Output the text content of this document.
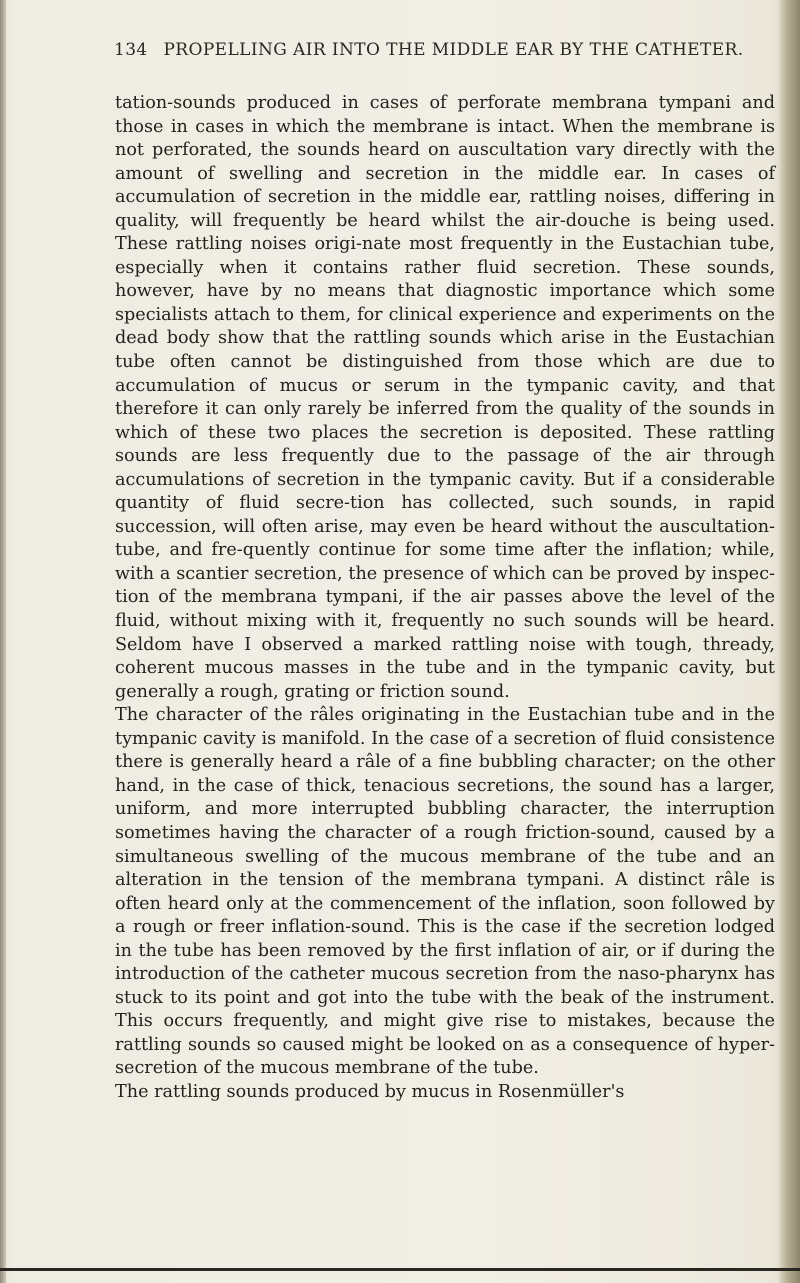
134 PROPELLING AIR INTO THE MIDDLE EAR BY THE CATHETER.

tation-sounds produced in cases of perforate membrana tympani and those in cases in which the membrane is intact. When the membrane is not perforated, the sounds heard on auscultation vary directly with the amount of swelling and secretion in the middle ear. In cases of accumulation of secretion in the middle ear, rattling noises, differing in quality, will frequently be heard whilst the air-douche is being used. These rattling noises origi-nate most frequently in the Eustachian tube, especially when it contains rather fluid secretion. These sounds, however, have by no means that diagnostic importance which some specialists attach to them, for clinical experience and experiments on the dead body show that the rattling sounds which arise in the Eustachian tube often cannot be distinguished from those which are due to accumulation of mucus or serum in the tympanic cavity, and that therefore it can only rarely be inferred from the quality of the sounds in which of these two places the secretion is deposited. These rattling sounds are less frequently due to the passage of the air through accumulations of secretion in the tympanic cavity. But if a considerable quantity of fluid secre-tion has collected, such sounds, in rapid succession, will often arise, may even be heard without the auscultation-tube, and fre-quently continue for some time after the inflation; while, with a scantier secretion, the presence of which can be proved by inspec-tion of the membrana tympani, if the air passes above the level of the fluid, without mixing with it, frequently no such sounds will be heard. Seldom have I observed a marked rattling noise with tough, thready, coherent mucous masses in the tube and in the tympanic cavity, but generally a rough, grating or friction sound.

The character of the râles originating in the Eustachian tube and in the tympanic cavity is manifold. In the case of a secretion of fluid consistence there is generally heard a râle of a fine bubbling character; on the other hand, in the case of thick, tenacious secretions, the sound has a larger, uniform, and more interrupted bubbling character, the interruption sometimes having the character of a rough friction-sound, caused by a simultaneous swelling of the mucous membrane of the tube and an alteration in the tension of the membrana tympani. A distinct râle is often heard only at the commencement of the inflation, soon followed by a rough or freer inflation-sound. This is the case if the secretion lodged in the tube has been removed by the first inflation of air, or if during the introduction of the catheter mucous secretion from the naso-pharynx has stuck to its point and got into the tube with the beak of the instrument. This occurs frequently, and might give rise to mistakes, because the rattling sounds so caused might be looked on as a consequence of hyper-secretion of the mucous membrane of the tube.

The rattling sounds produced by mucus in Rosenmüller's
